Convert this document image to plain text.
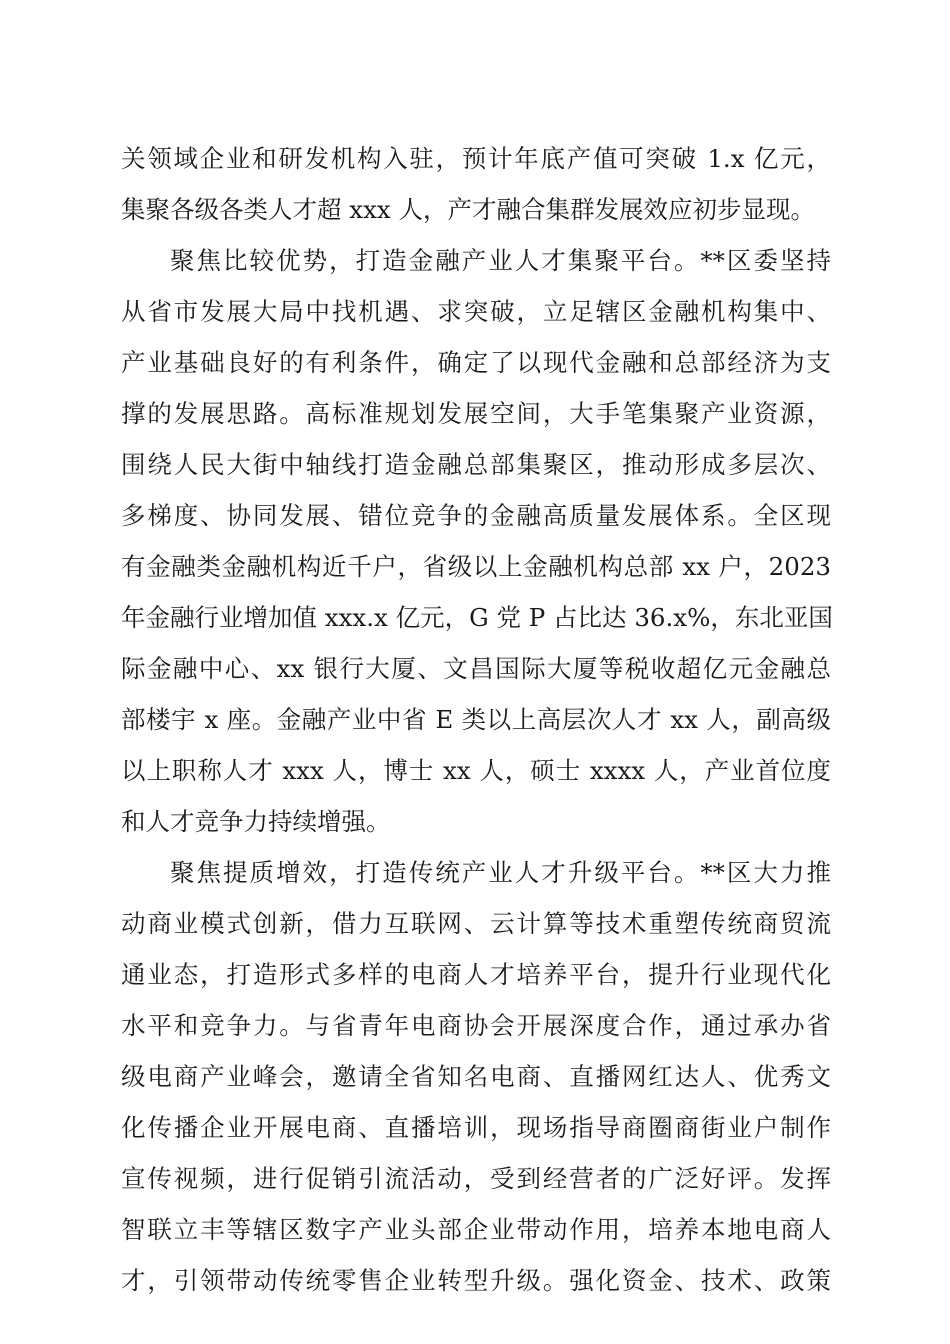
关领域企业和研发机构入驻，预计年底产值可突破 1.x 亿元，
集聚各级各类人才超 xxx 人，产才融合集群发展效应初步显现。
聚焦比较优势，打造金融产业人才集聚平台。**区委坚持
从省市发展大局中找机遇、求突破，立足辖区金融机构集中、
产业基础良好的有利条件，确定了以现代金融和总部经济为支
撑的发展思路。高标准规划发展空间，大手笔集聚产业资源，
围绕人民大街中轴线打造金融总部集聚区，推动形成多层次、
多梯度、协同发展、错位竞争的金融高质量发展体系。全区现
有金融类金融机构近千户，省级以上金融机构总部 xx 户，2023
年金融行业增加值 xxx.x 亿元，G 党 P 占比达 36.x%，东北亚国
际金融中心、xx 银行大厦、文昌国际大厦等税收超亿元金融总
部楼宇 x 座。金融产业中省 E 类以上高层次人才 xx 人，副高级
以上职称人才 xxx 人，博士 xx 人，硕士 xxxx 人，产业首位度
和人才竞争力持续增强。
聚焦提质增效，打造传统产业人才升级平台。**区大力推
动商业模式创新，借力互联网、云计算等技术重塑传统商贸流
通业态，打造形式多样的电商人才培养平台，提升行业现代化
水平和竞争力。与省青年电商协会开展深度合作，通过承办省
级电商产业峰会，邀请全省知名电商、直播网红达人、优秀文
化传播企业开展电商、直播培训，现场指导商圈商街业户制作
宣传视频，进行促销引流活动，受到经营者的广泛好评。发挥
智联立丰等辖区数字产业头部企业带动作用，培养本地电商人
才，引领带动传统零售企业转型升级。强化资金、技术、政策
